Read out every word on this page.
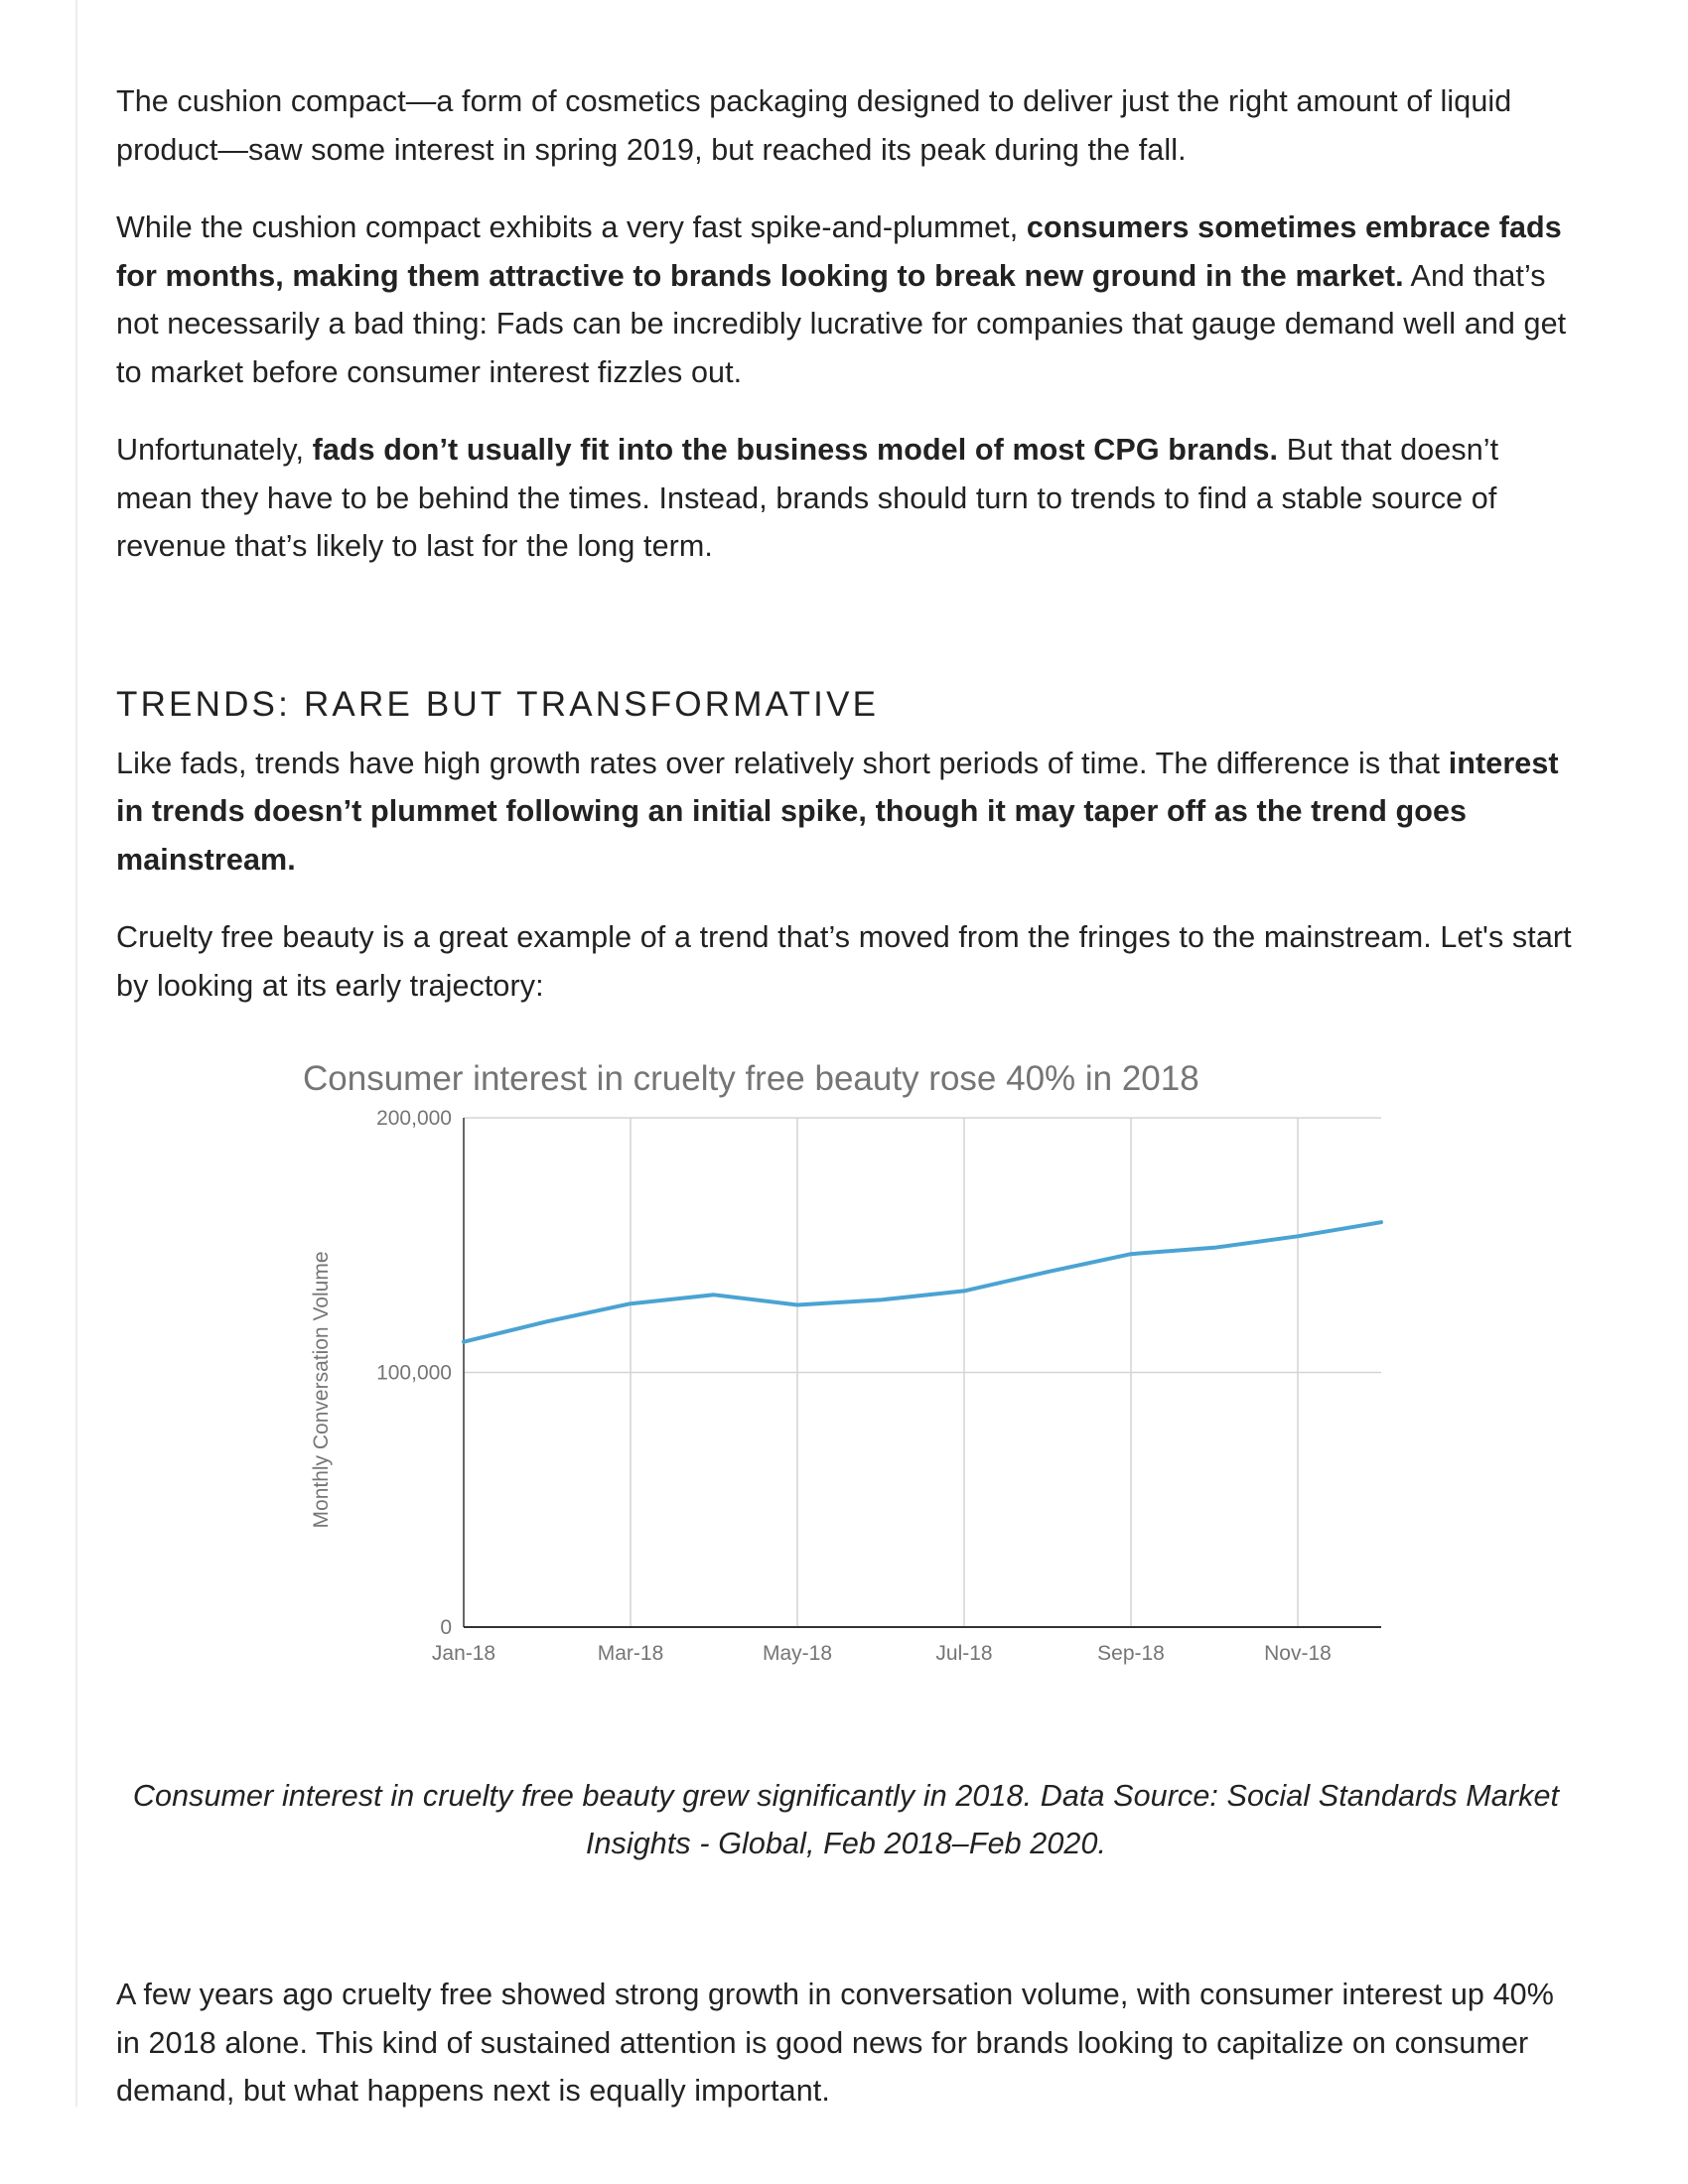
The cushion compact—a form of cosmetics packaging designed to deliver just the right amount of liquid product—saw some interest in spring 2019, but reached its peak during the fall.

While the cushion compact exhibits a very fast spike-and-plummet, consumers sometimes embrace fads for months, making them attractive to brands looking to break new ground in the market. And that’s not necessarily a bad thing: Fads can be incredibly lucrative for companies that gauge demand well and get to market before consumer interest fizzles out.

Unfortunately, fads don’t usually fit into the business model of most CPG brands. But that doesn’t mean they have to be behind the times. Instead, brands should turn to trends to find a stable source of revenue that’s likely to last for the long term.

TRENDS: RARE BUT TRANSFORMATIVE

Like fads, trends have high growth rates over relatively short periods of time. The difference is that interest in trends doesn’t plummet following an initial spike, though it may taper off as the trend goes mainstream.

Cruelty free beauty is a great example of a trend that’s moved from the fringes to the mainstream. Let's start by looking at its early trajectory:

Consumer interest in cruelty free beauty rose 40% in 2018
0
100,000
200,000
Jan-18	Mar-18	May-18	Jul-18	Sep-18	Nov-18
Monthly Conversation Volume

Consumer interest in cruelty free beauty grew significantly in 2018. Data Source: Social Standards Market Insights - Global, Feb 2018–Feb 2020.

A few years ago cruelty free showed strong growth in conversation volume, with consumer interest up 40% in 2018 alone. This kind of sustained attention is good news for brands looking to capitalize on consumer demand, but what happens next is equally important.
